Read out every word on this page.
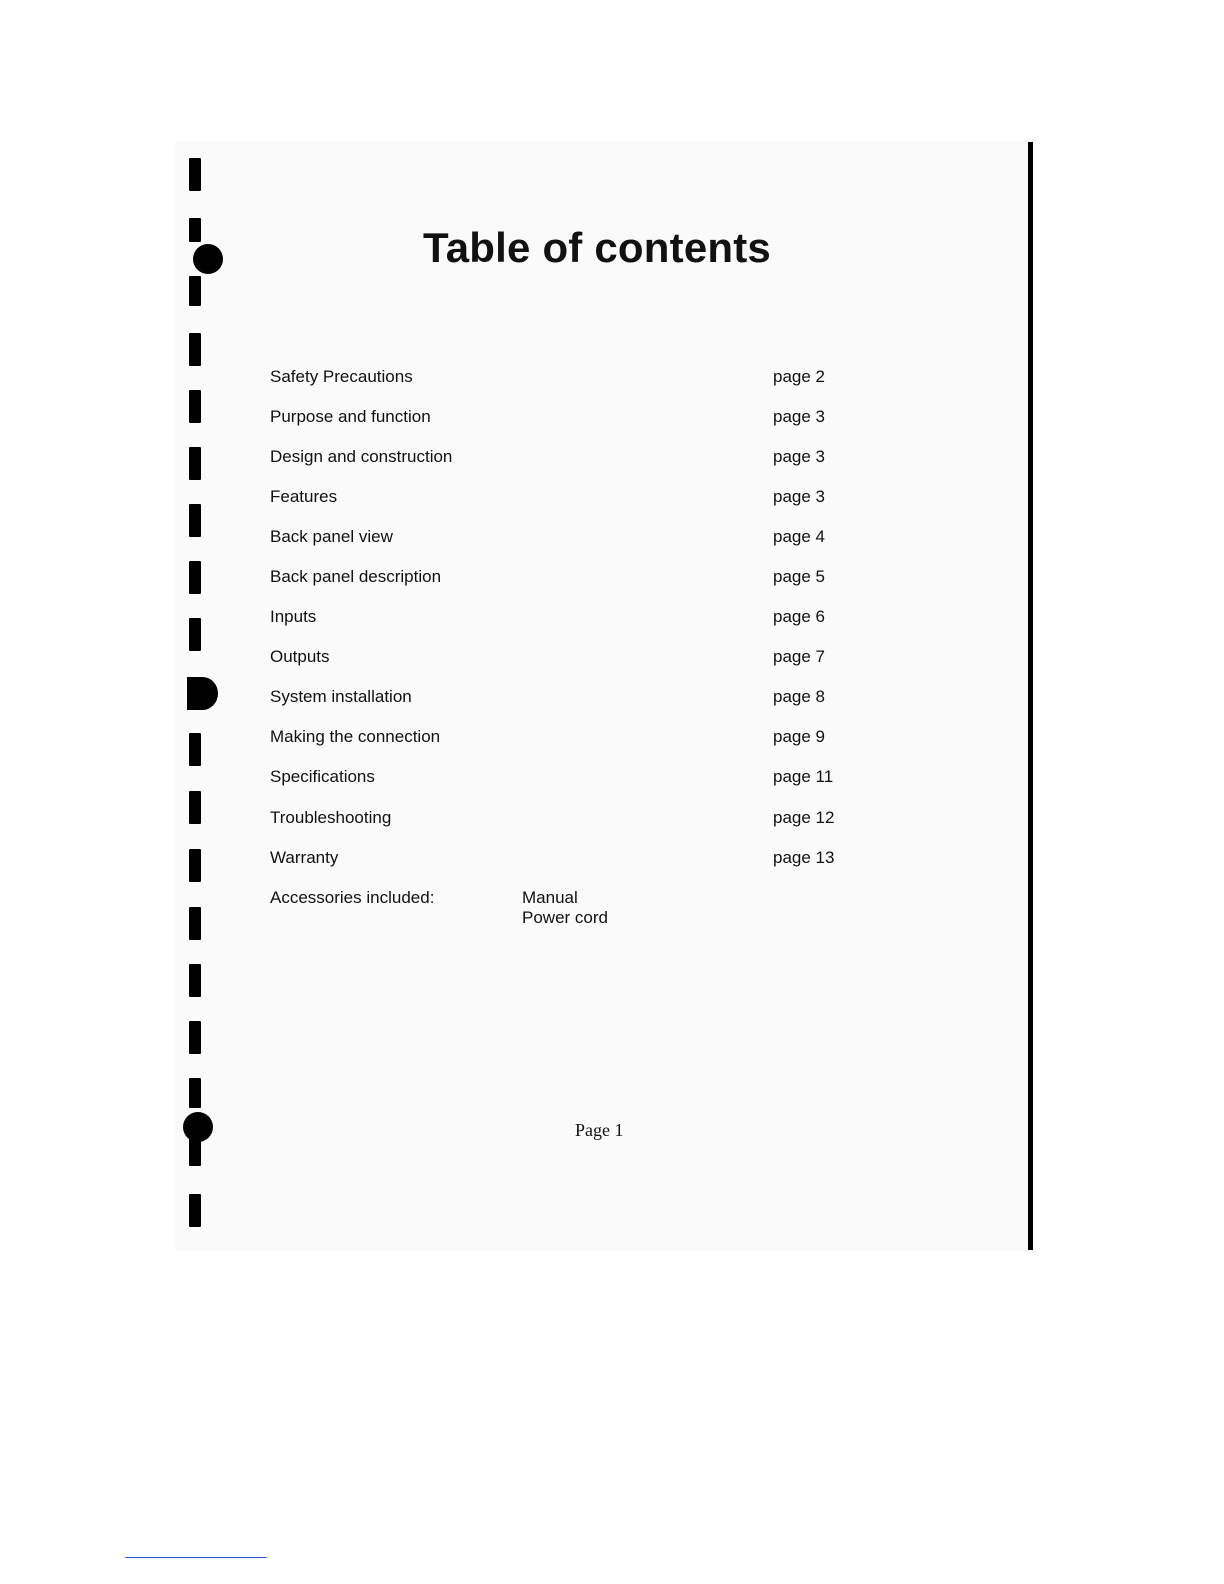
Table of contents
Safety Precautions	page 2
Purpose and function	page 3
Design and construction	page 3
Features	page 3
Back panel view	page 4
Back panel description	page 5
Inputs	page 6
Outputs	page 7
System installation	page 8
Making the connection	page 9
Specifications	page 11
Troubleshooting	page 12
Warranty	page 13
Accessories included:	Manual
Power cord
Page 1
